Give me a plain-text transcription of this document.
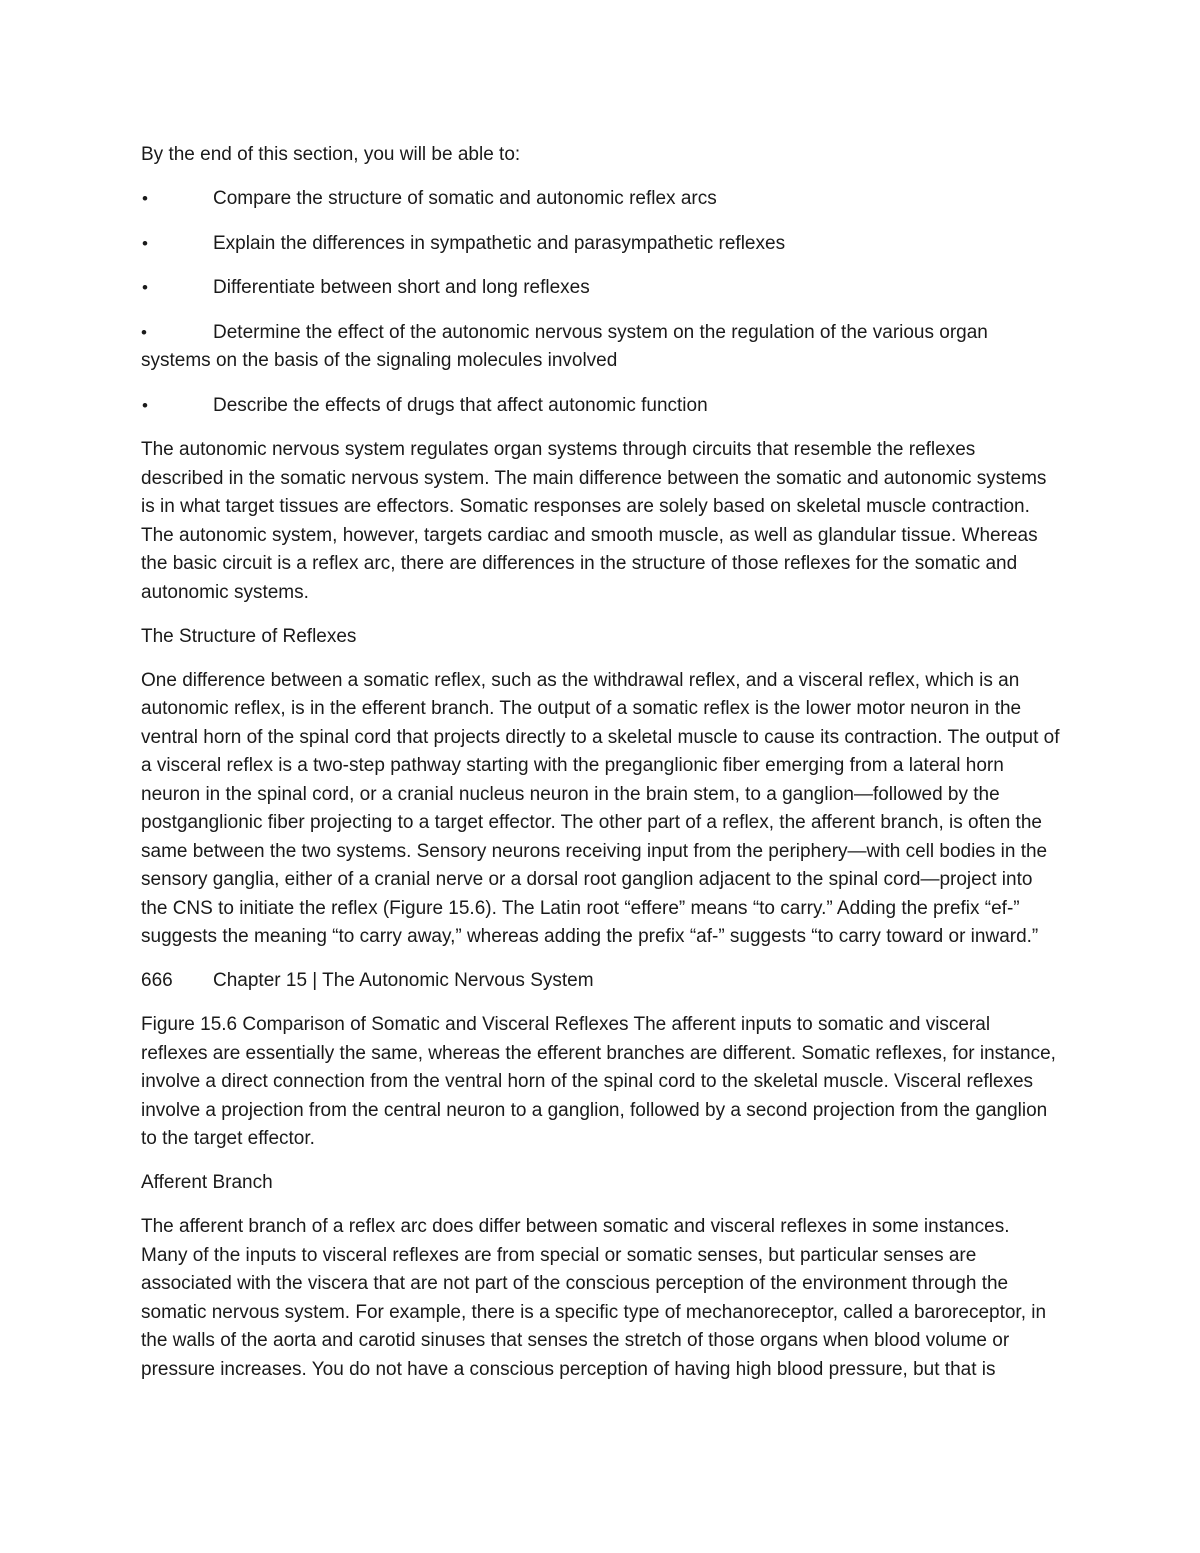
By the end of this section, you will be able to:

•	Compare the structure of somatic and autonomic reflex arcs
•	Explain the differences in sympathetic and parasympathetic reflexes
•	Differentiate between short and long reflexes
•	Determine the effect of the autonomic nervous system on the regulation of the various organ systems on the basis of the signaling molecules involved
•	Describe the effects of drugs that affect autonomic function

The autonomic nervous system regulates organ systems through circuits that resemble the reflexes described in the somatic nervous system. The main difference between the somatic and autonomic systems is in what target tissues are effectors. Somatic responses are solely based on skeletal muscle contraction. The autonomic system, however, targets cardiac and smooth muscle, as well as glandular tissue. Whereas the basic circuit is a reflex arc, there are differences in the structure of those reflexes for the somatic and autonomic systems.

The Structure of Reflexes

One difference between a somatic reflex, such as the withdrawal reflex, and a visceral reflex, which is an autonomic reflex, is in the efferent branch. The output of a somatic reflex is the lower motor neuron in the ventral horn of the spinal cord that projects directly to a skeletal muscle to cause its contraction. The output of a visceral reflex is a two-step pathway starting with the preganglionic fiber emerging from a lateral horn neuron in the spinal cord, or a cranial nucleus neuron in the brain stem, to a ganglion—followed by the postganglionic fiber projecting to a target effector. The other part of a reflex, the afferent branch, is often the same between the two systems. Sensory neurons receiving input from the periphery—with cell bodies in the sensory ganglia, either of a cranial nerve or a dorsal root ganglion adjacent to the spinal cord—project into the CNS to initiate the reflex (Figure 15.6). The Latin root “effere” means “to carry.” Adding the prefix “ef-” suggests the meaning “to carry away,” whereas adding the prefix “af-” suggests “to carry toward or inward.”

666 Chapter 15 | The Autonomic Nervous System

Figure 15.6 Comparison of Somatic and Visceral Reflexes The afferent inputs to somatic and visceral reflexes are essentially the same, whereas the efferent branches are different. Somatic reflexes, for instance, involve a direct connection from the ventral horn of the spinal cord to the skeletal muscle. Visceral reflexes involve a projection from the central neuron to a ganglion, followed by a second projection from the ganglion to the target effector.

Afferent Branch

The afferent branch of a reflex arc does differ between somatic and visceral reflexes in some instances. Many of the inputs to visceral reflexes are from special or somatic senses, but particular senses are associated with the viscera that are not part of the conscious perception of the environment through the somatic nervous system. For example, there is a specific type of mechanoreceptor, called a baroreceptor, in the walls of the aorta and carotid sinuses that senses the stretch of those organs when blood volume or pressure increases. You do not have a conscious perception of having high blood pressure, but that is
